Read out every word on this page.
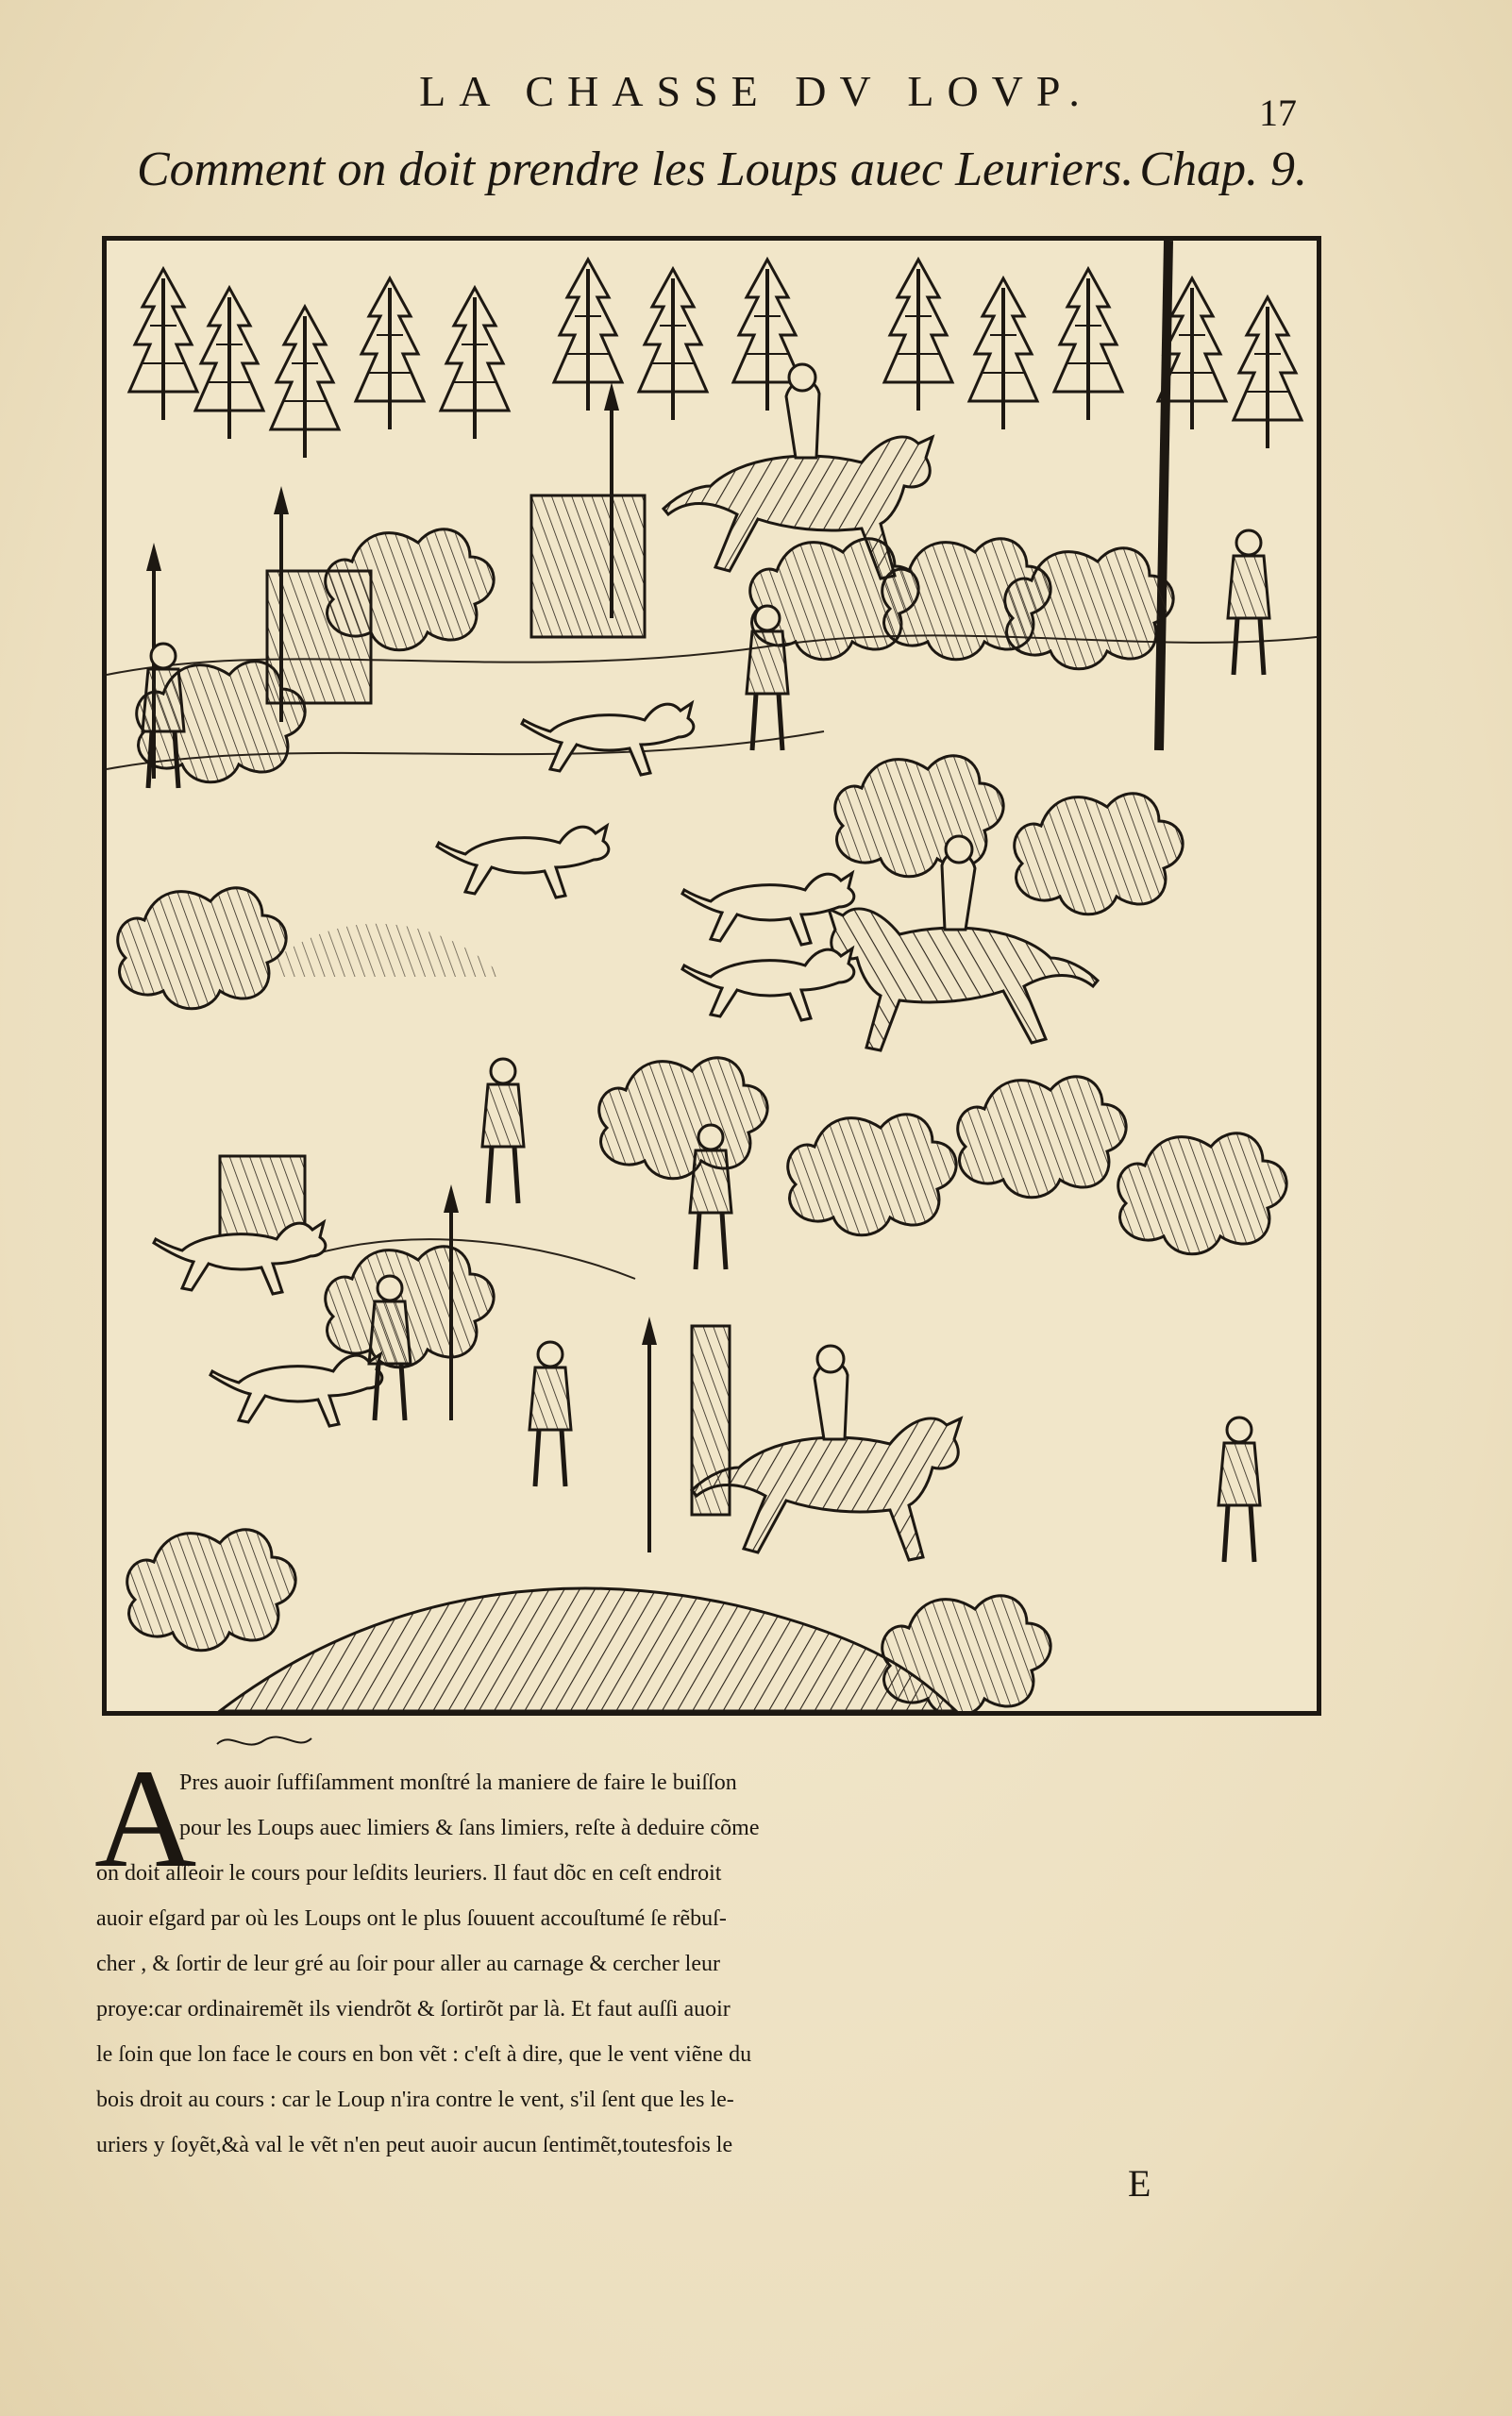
LA CHASSE DV LOVP.	17
Comment on doit prendre les Loups auec Leuriers. Chap. 9.
A
Pres auoir ſuffiſamment monſtré la maniere de faire le buiſſon
pour les Loups auec limiers & ſans limiers, reſte à deduire cõme
on doit aſſeoir le cours pour leſdits leuriers. Il faut dõc en ceſt endroit
auoir eſgard par où les Loups ont le plus ſouuent accouſtumé ſe rẽbuſ-
cher , & ſortir de leur gré au ſoir pour aller au carnage & cercher leur
proye:car ordinairemẽt ils viendrõt & ſortirõt par là. Et faut auſſi auoir
le ſoin que lon face le cours en bon vẽt : c'eſt à dire, que le vent viẽne du
bois droit au cours : car le Loup n'ira contre le vent, s'il ſent que les le-
uriers y ſoyẽt,&à val le vẽt n'en peut auoir aucun ſentimẽt,toutesfois le
E
